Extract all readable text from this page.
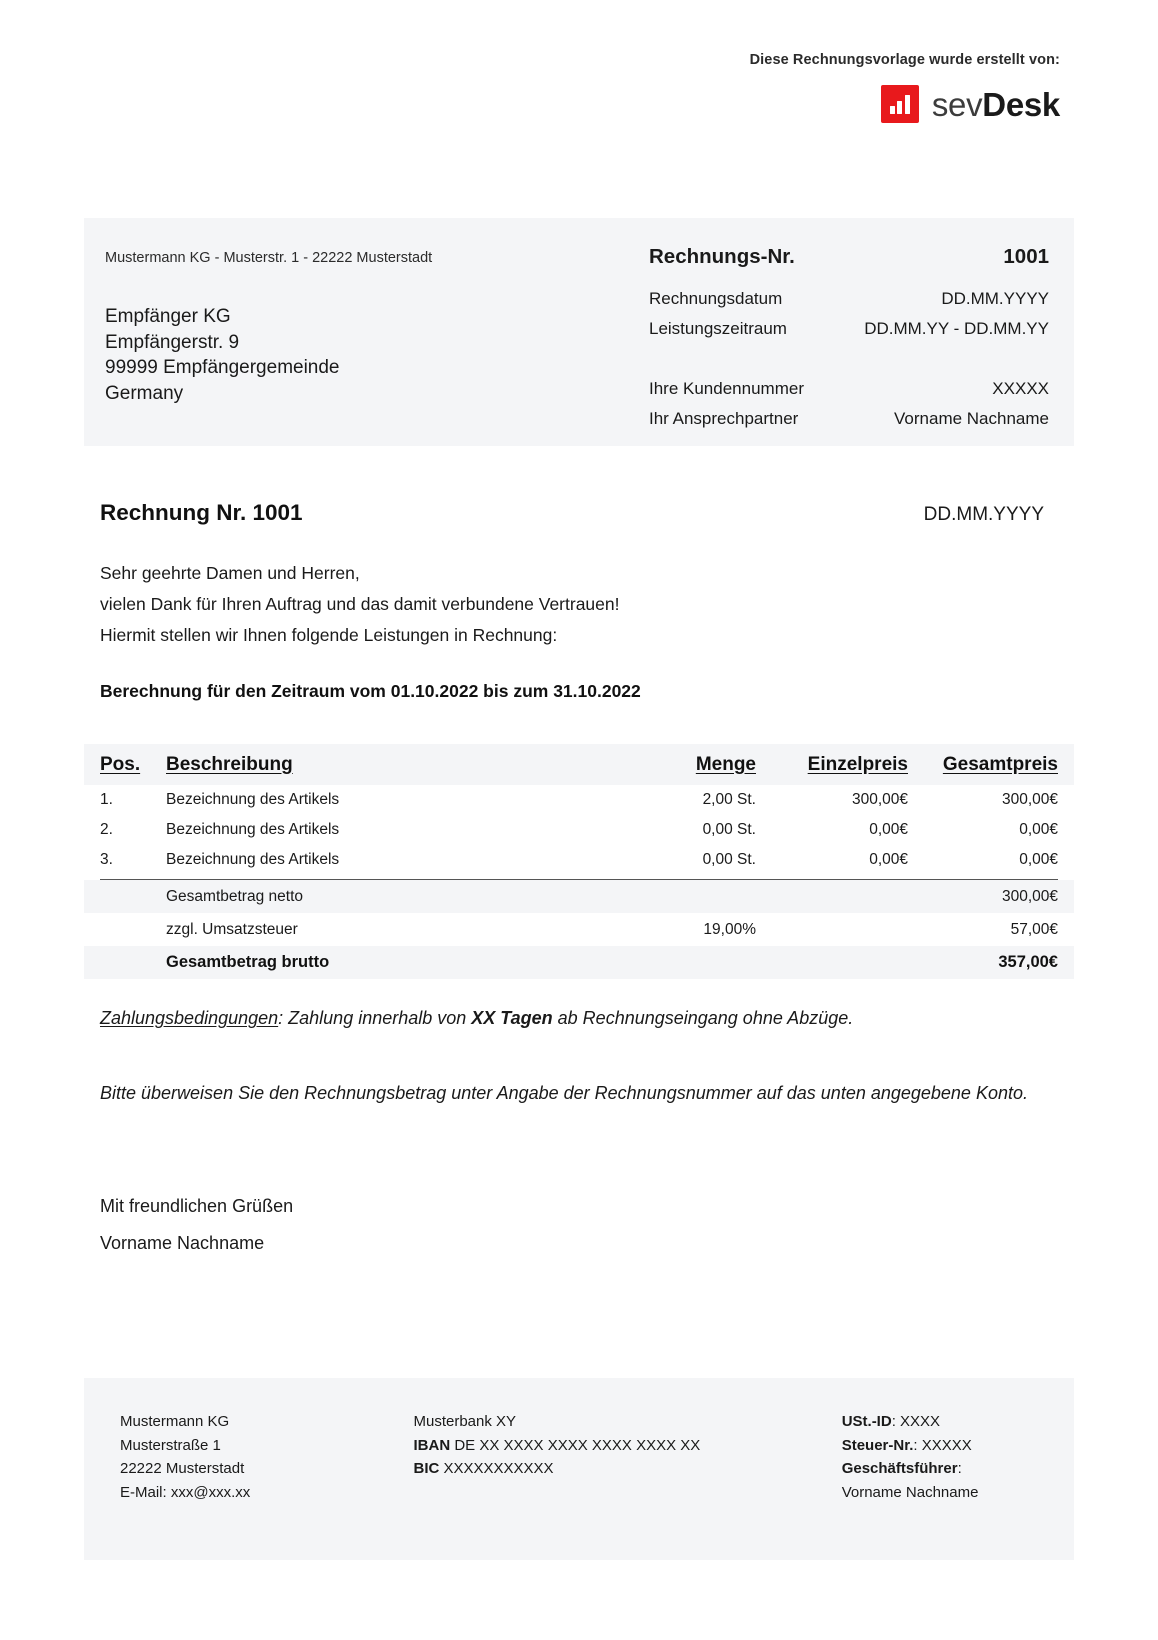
Diese Rechnungsvorlage wurde erstellt von:
sevDesk
Mustermann KG - Musterstr. 1 - 22222 Musterstadt
Empfänger KG
Empfängerstr. 9
99999 Empfängergemeinde
Germany
Rechnungs-Nr.	1001
Rechnungsdatum	DD.MM.YYYY
Leistungszeitraum	DD.MM.YY - DD.MM.YY
Ihre Kundennummer	XXXXX
Ihr Ansprechpartner	Vorname Nachname
Rechnung Nr. 1001	DD.MM.YYYY
Sehr geehrte Damen und Herren,
vielen Dank für Ihren Auftrag und das damit verbundene Vertrauen!
Hiermit stellen wir Ihnen folgende Leistungen in Rechnung:
Berechnung für den Zeitraum vom 01.10.2022 bis zum 31.10.2022
Pos.	Beschreibung	Menge	Einzelpreis	Gesamtpreis
1.	Bezeichnung des Artikels	2,00 St.	300,00€	300,00€
2.	Bezeichnung des Artikels	0,00 St.	0,00€	0,00€
3.	Bezeichnung des Artikels	0,00 St.	0,00€	0,00€
Gesamtbetrag netto	300,00€
zzgl. Umsatzsteuer	19,00%	57,00€
Gesamtbetrag brutto	357,00€
Zahlungsbedingungen: Zahlung innerhalb von XX Tagen ab Rechnungseingang ohne Abzüge.
Bitte überweisen Sie den Rechnungsbetrag unter Angabe der Rechnungsnummer auf das unten angegebene Konto.
Mit freundlichen Grüßen
Vorname Nachname
Mustermann KG
Musterstraße 1
22222 Musterstadt
E-Mail: xxx@xxx.xx
Musterbank XY
IBAN DE XX XXXX XXXX XXXX XXXX XX
BIC XXXXXXXXXXX
USt.-ID: XXXX
Steuer-Nr.: XXXXX
Geschäftsführer:
Vorname Nachname
